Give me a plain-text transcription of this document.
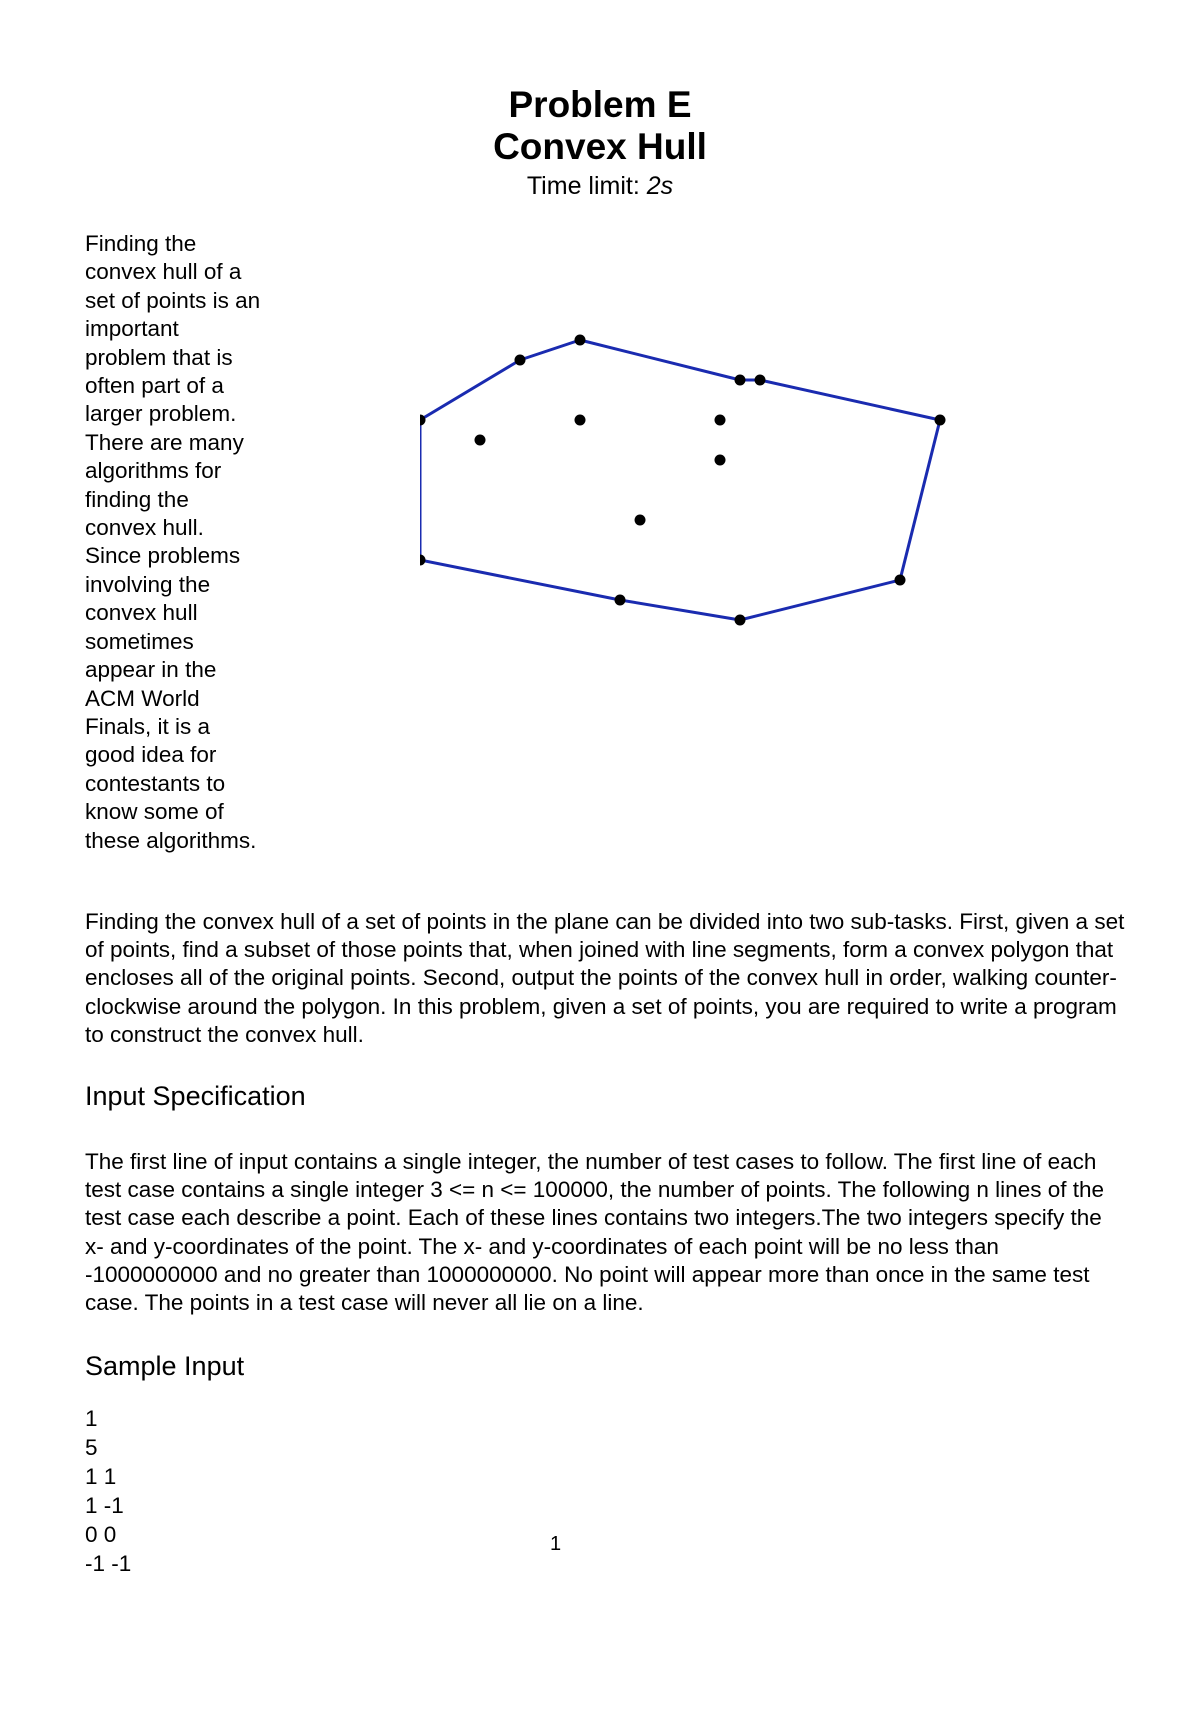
Problem E
Convex Hull
Time limit: 2s
Finding the convex hull of a set of points is an important problem that is often part of a larger problem. There are many algorithms for finding the convex hull. Since problems involving the convex hull sometimes appear in the ACM World Finals, it is a good idea for contestants to know some of these algorithms.
Finding the convex hull of a set of points in the plane can be divided into two sub-tasks. First, given a set of points, find a subset of those points that, when joined with line segments, form a convex polygon that encloses all of the original points. Second, output the points of the convex hull in order, walking counter-clockwise around the polygon. In this problem, given a set of points, you are required to write a program to construct the convex hull.
Input Specification
The first line of input contains a single integer, the number of test cases to follow. The first line of each test case contains a single integer 3 <= n <= 100000, the number of points. The following n lines of the test case each describe a point. Each of these lines contains two integers.The two integers specify the x- and y-coordinates of the point. The x- and y-coordinates of each point will be no less than -1000000000 and no greater than 1000000000. No point will appear more than once in the same test case. The points in a test case will never all lie on a line.
Sample Input
1
5
1 1
1 -1
0 0
-1 -1
1
